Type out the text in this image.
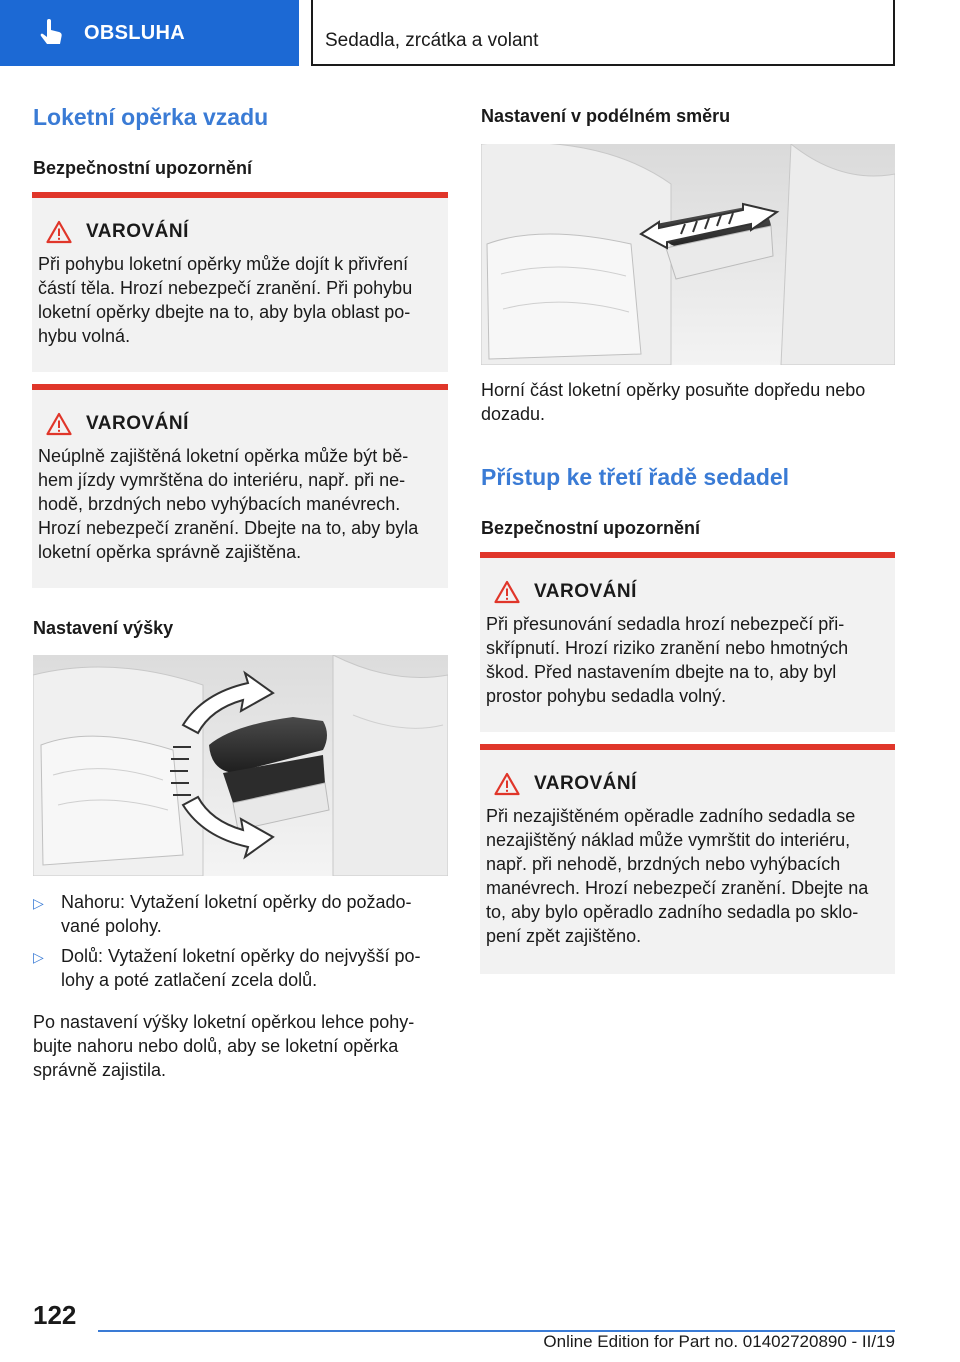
OBSLUHA	Sedadla, zrcátka a volant
Loketní opěrka vzadu
Bezpečnostní upozornění
VAROVÁNÍ
Při pohybu loketní opěrky může dojít k přivření
částí těla. Hrozí nebezpečí zranění. Při pohybu
loketní opěrky dbejte na to, aby byla oblast po-
hybu volná.
VAROVÁNÍ
Neúplně zajištěná loketní opěrka může být bě-
hem jízdy vymrštěna do interiéru, např. při ne-
hodě, brzdných nebo vyhýbacích manévrech.
Hrozí nebezpečí zranění. Dbejte na to, aby byla
loketní opěrka správně zajištěna.
Nastavení výšky
▷ Nahoru: Vytažení loketní opěrky do požado-
vané polohy.
▷ Dolů: Vytažení loketní opěrky do nejvyšší po-
lohy a poté zatlačení zcela dolů.
Po nastavení výšky loketní opěrkou lehce pohy-
bujte nahoru nebo dolů, aby se loketní opěrka
správně zajistila.
Nastavení v podélném směru
Horní část loketní opěrky posuňte dopředu nebo
dozadu.
Přístup ke třetí řadě sedadel
Bezpečnostní upozornění
VAROVÁNÍ
Při přesunování sedadla hrozí nebezpečí při-
skřípnutí. Hrozí riziko zranění nebo hmotných
škod. Před nastavením dbejte na to, aby byl
prostor pohybu sedadla volný.
VAROVÁNÍ
Při nezajištěném opěradle zadního sedadla se
nezajištěný náklad může vymrštit do interiéru,
např. při nehodě, brzdných nebo vyhýbacích
manévrech. Hrozí nebezpečí zranění. Dbejte na
to, aby bylo opěradlo zadního sedadla po sklo-
pení zpět zajištěno.
122
Online Edition for Part no. 01402720890 - II/19
